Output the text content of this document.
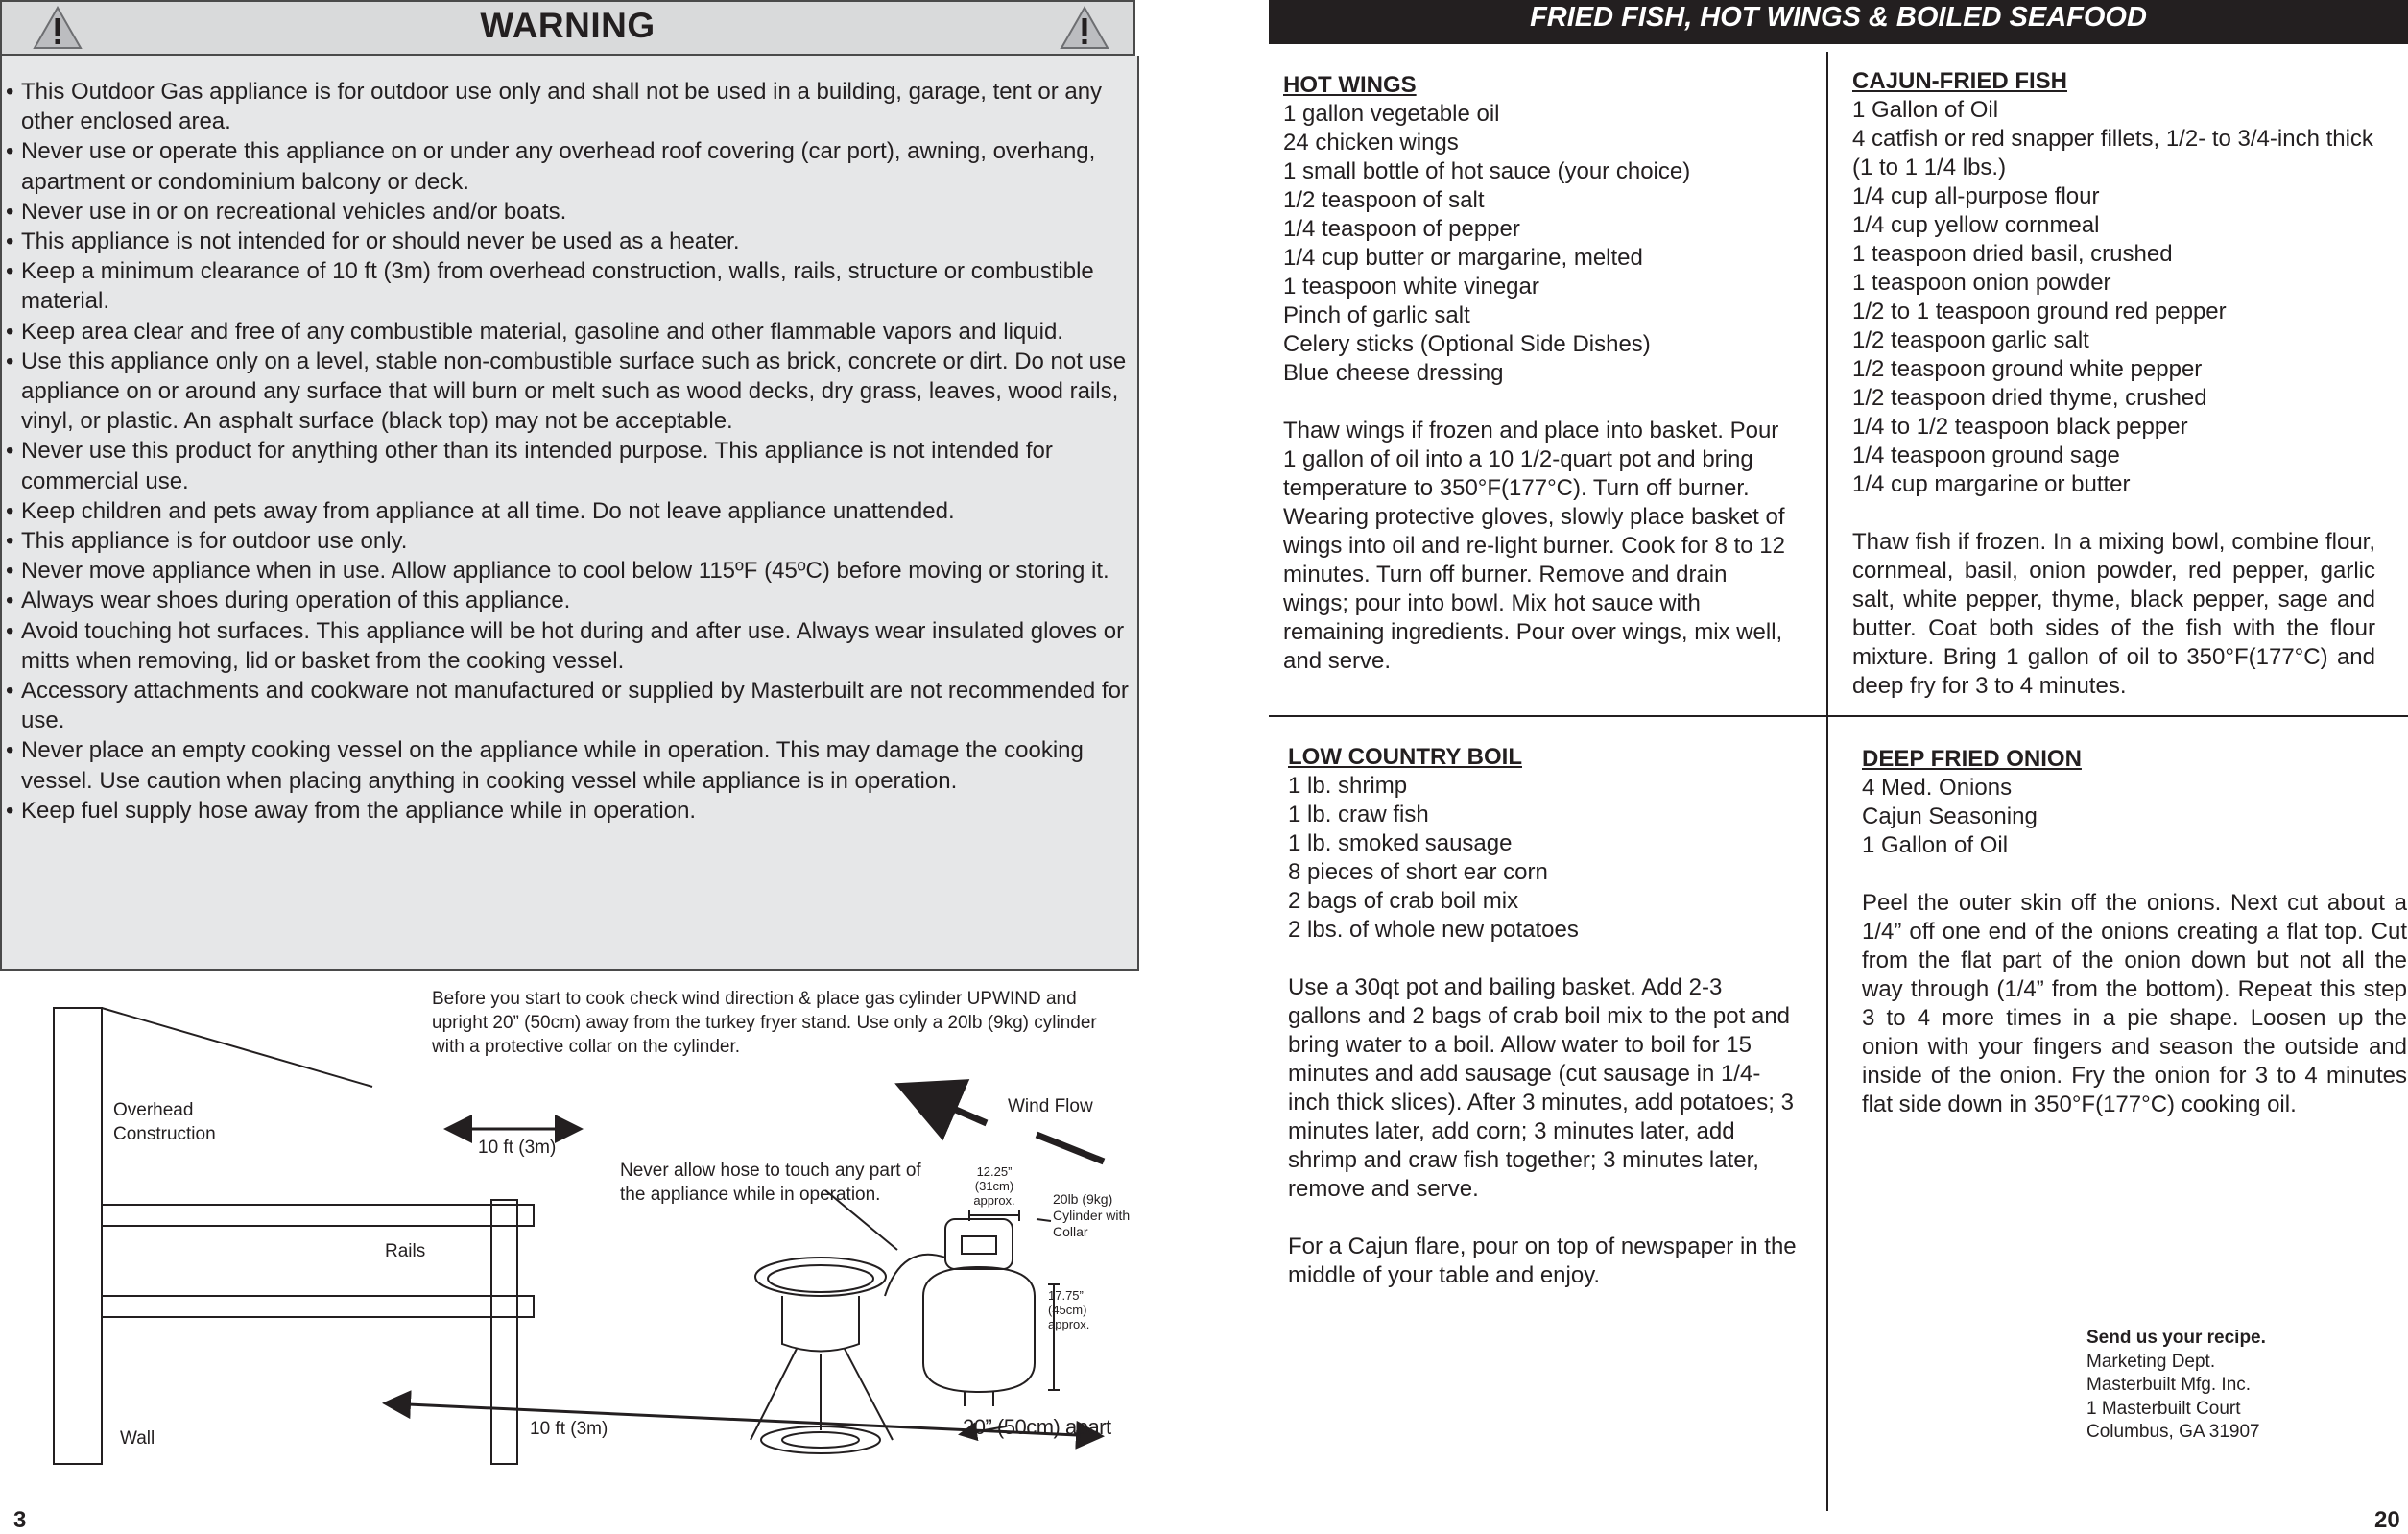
WARNING
• This Outdoor Gas appliance is for outdoor use only and shall not be used in a building, garage, tent or any other enclosed area.
• Never use or operate this appliance on or under any overhead roof covering (car port), awning, overhang, apartment or condominium balcony or deck.
• Never use in or on recreational vehicles and/or boats.
• This appliance is not intended for or should never be used as a heater.
• Keep a minimum clearance of 10 ft (3m) from overhead construction, walls, rails, structure or combustible material.
• Keep area clear and free of any combustible material, gasoline and other flammable vapors and liquid.
• Use this appliance only on a level, stable non-combustible surface such as brick, concrete or dirt. Do not use appliance on or around any surface that will burn or melt such as wood decks, dry grass, leaves, wood rails, vinyl, or plastic. An asphalt surface (black top) may not be acceptable.
• Never use this product for anything other than its intended purpose. This appliance is not intended for commercial use.
• Keep children and pets away from appliance at all time. Do not leave appliance unattended.
• This appliance is for outdoor use only.
• Never move appliance when in use. Allow appliance to cool below 115ºF (45ºC) before moving or storing it.
• Always wear shoes during operation of this appliance.
• Avoid touching hot surfaces. This appliance will be hot during and after use. Always wear insulated gloves or mitts when removing, lid or basket from the cooking vessel.
• Accessory attachments and cookware not manufactured or supplied by Masterbuilt are not recommended for use.
• Never place an empty cooking vessel on the appliance while in operation. This may damage the cooking vessel. Use caution when placing anything in cooking vessel while appliance is in operation.
• Keep fuel supply hose away from the appliance while in operation.
Before you start to cook check wind direction & place gas cylinder UPWIND and upright 20” (50cm) away from the turkey fryer stand. Use only a 20lb (9kg) cylinder with a protective collar on the cylinder.
Overhead Construction
10 ft (3m)
Rails
Wall	10 ft (3m)
Wind Flow
Never allow hose to touch any part of the appliance while in operation.
12.25”
(31cm)
approx.	20lb (9kg)
Cylinder with
Collar
17.75”
(45cm)
approx.
20” (50cm) apart
3
FRIED FISH, HOT WINGS & BOILED SEAFOOD

HOT WINGS

1 gallon vegetable oil

24 chicken wings

1 small bottle of hot sauce (your choice)

1/2 teaspoon of salt

1/4 teaspoon of pepper

1/4 cup butter or margarine, melted

1 teaspoon white vinegar

Pinch of garlic salt

Celery sticks (Optional Side Dishes)

Blue cheese dressing

Thaw wings if frozen and place into basket. Pour 1 gallon of oil into a 10 1/2-quart pot and bring temperature to 350°F(177°C). Turn off burner. Wearing protective gloves, slowly place basket of wings into oil and re-light burner. Cook for 8 to 12 minutes. Turn off burner. Remove and drain wings; pour into bowl. Mix hot sauce with remaining ingredients. Pour over wings, mix well, and serve.

CAJUN-FRIED FISH

1 Gallon of Oil

4 catfish or red snapper fillets, 1/2- to 3/4-inch thick (1 to 1 1/4 lbs.)

1/4 cup all-purpose flour

1/4 cup yellow cornmeal

1 teaspoon dried basil, crushed

1 teaspoon onion powder

1/2 to 1 teaspoon ground red pepper

1/2 teaspoon garlic salt

1/2 teaspoon ground white pepper

1/2 teaspoon dried thyme, crushed

1/4 to 1/2 teaspoon black pepper

1/4 teaspoon ground sage

1/4 cup margarine or butter

Thaw fish if frozen. In a mixing bowl, combine flour, cornmeal, basil, onion powder, red pepper, garlic salt, white pepper, thyme, black pepper, sage and butter. Coat both sides of the fish with the flour mixture. Bring 1 gallon of oil to 350°F(177°C) and deep fry for 3 to 4 minutes.

LOW COUNTRY BOIL

1 lb. shrimp

1 lb. craw fish

1 lb. smoked sausage

8 pieces of short ear corn

2 bags of crab boil mix

2 lbs. of whole new potatoes

Use a 30qt pot and bailing basket. Add 2-3 gallons and 2 bags of crab boil mix to the pot and bring water to a boil. Allow water to boil for 15 minutes and add sausage (cut sausage in 1/4-inch thick slices). After 3 minutes, add potatoes; 3 minutes later, add corn; 3 minutes later, add shrimp and craw fish together; 3 minutes later, remove and serve.

For a Cajun flare, pour on top of newspaper in the middle of your table and enjoy.

DEEP FRIED ONION

4 Med. Onions

Cajun Seasoning

1 Gallon of Oil

Peel the outer skin off the onions. Next cut about a 1/4” off one end of the onions creating a flat top. Cut from the flat part of the onion down but not all the way through (1/4” from the bottom). Repeat this step 3 to 4 more times in a pie shape. Loosen up the onion with your fingers and season the outside and inside of the onion. Fry the onion for 3 to 4 minutes flat side down in 350°F(177°C) cooking oil.

Send us your recipe.
Marketing Dept.
Masterbuilt Mfg. Inc.
1 Masterbuilt Court
Columbus, GA 31907
20
